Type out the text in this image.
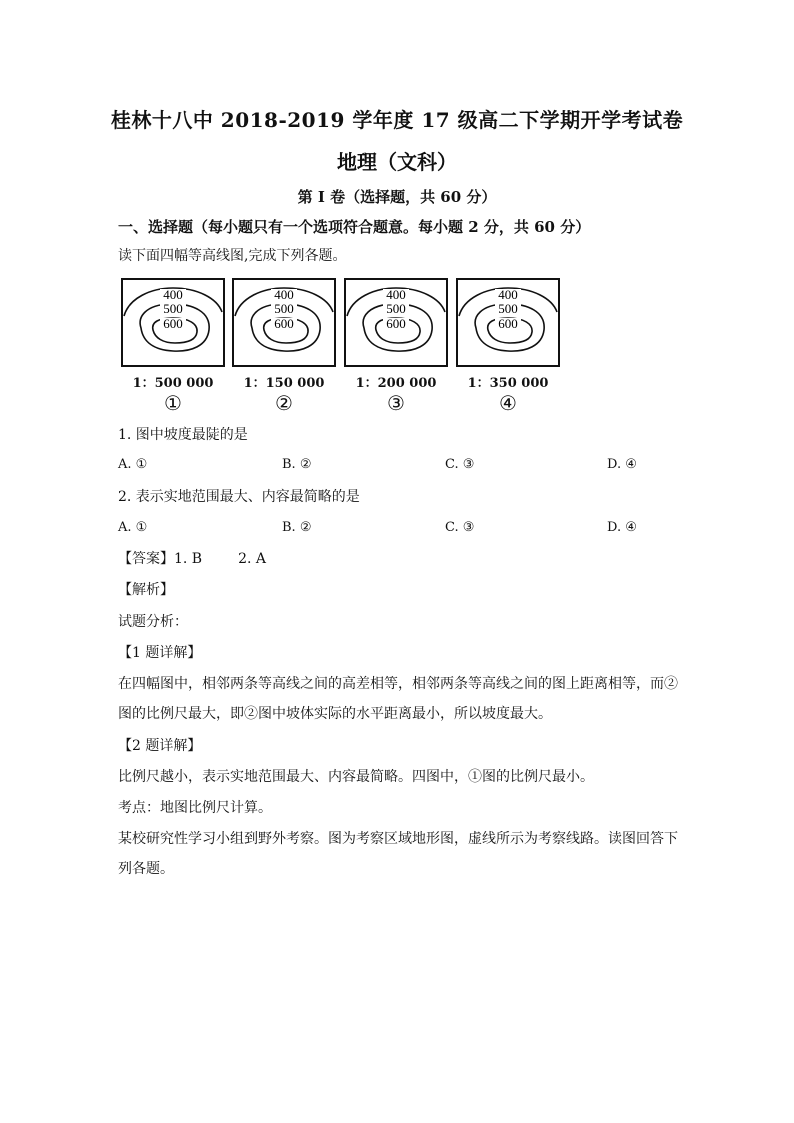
桂林十八中 2018-2019 学年度 17 级高二下学期开学考试卷
地理（文科）
第 I 卷（选择题，共 60 分）
一、选择题（每小题只有一个选项符合题意。每小题 2 分，共 60 分）
读下面四幅等高线图,完成下列各题。
400
500
600
1：500 000
①
400
500
600
1：150 000
②
400
500
600
1：200 000
③
400
500
600
1：350 000
④
1. 图中坡度最陡的是
A. ①	B. ②	C. ③	D. ④
2. 表示实地范围最大、内容最简略的是
A. ①	B. ②	C. ③	D. ④
【答案】1. B	2. A
【解析】
试题分析：
【1 题详解】
在四幅图中，相邻两条等高线之间的高差相等，相邻两条等高线之间的图上距离相等，而②图的比例尺最大，即②图中坡体实际的水平距离最小，所以坡度最大。
【2 题详解】
比例尺越小，表示实地范围最大、内容最简略。四图中，①图的比例尺最小。
考点：地图比例尺计算。
某校研究性学习小组到野外考察。图为考察区域地形图，虚线所示为考察线路。读图回答下列各题。
